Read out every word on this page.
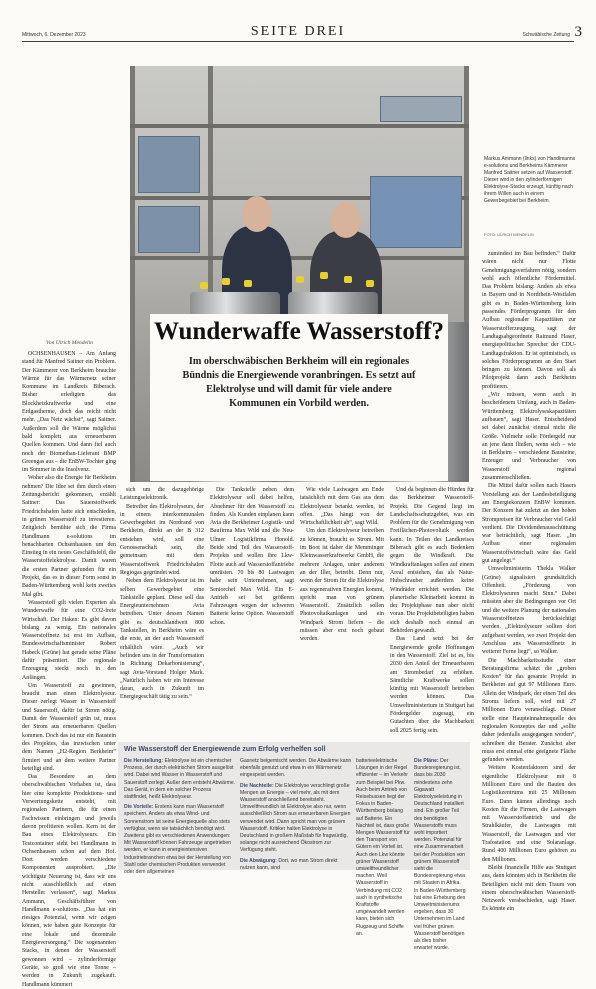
Mittwoch, 6. Dezember 2023	SEITE DREI	Schwäbische Zeitung 3
Markus Ammann (links) von Handlmanns e-solutions und Berkheims Kämmerer Manfred Saitner setzen auf Wasserstoff. Dieser wird in den zylinderförmigen Elektrolyse-Stacks erzeugt, künftig nach ihrem Willen auch in einem Gewerbegebiet bei Berkheim.
FOTO: ULRICH MENDELIN
Wunderwaffe Wasserstoff?
Im oberschwäbischen Berkheim will ein regionales Bündnis die Energiewende voranbringen. Es setzt auf Elektrolyse und will damit für viele andere Kommunen ein Vorbild werden.
Von Ulrich Mendelin

OCHSENHAUSEN – Am Anfang stand für Manfred Saitner ein Problem. Der Kämmerer von Berkheim brauchte Wärme für das Wärmenetz seiner Kommune im Landkreis Biberach. Bisher erledigten das Blockheizkraftwerke und eine Erdgastherme, doch das reicht nicht mehr. „Das Netz wächst“, sagt Saitner. Außerdem soll die Wärme möglichst bald komplett aus erneuerbaren Quellen kommen. Und dann fiel auch noch der Biomethan-Lieferant BMP Greengas aus – die EnBW-Tochter ging im Sommer in die Insolvenz.

Woher also die Energie für Berkheim nehmen? Die Idee sei ihm durch einen Zeitungsbericht gekommen, erzählt Saitner: Das Sauerstoffwerk Friedrichshafen hatte sich entschieden, in grünen Wasserstoff zu investieren. Zeitgleich bemühte sich die Firma Handlmann e-solutions im benachbarten Ochsenhausen um den Einstieg in ein neues Geschäftsfeld, die Wasserstoffelektrolyse. Damit waren die ersten Partner gefunden für ein Projekt, das es in dieser Form sonst in Baden-Württemberg wohl kein zweites Mal gibt.

Wasserstoff gilt vielen Experten als Wunderwaffe für eine CO2-freie Wirtschaft. Der Haken: Es gibt davon bislang zu wenig. Ein nationales Wasserstoffnetz ist erst im Aufbau, Bundeswirtschaftsminister Robert Habeck (Grüne) hat gerade seine Pläne dafür präsentiert. Die regionale Erzeugung steckt noch in den Anfängen.

Um Wasserstoff zu gewinnen, braucht man einen Elektrolyseur. Dieser zerlegt Wasser in Wasserstoff und Sauerstoff, dafür ist Strom nötig. Damit der Wasserstoff grün ist, muss der Strom aus erneuerbaren Quellen kommen. Doch das ist nur ein Baustein des Projektes, das inzwischen unter dem Namen „H2-Region Berkheim“ firmiert und an dem weitere Partner beteiligt sind.

Das Besondere an dem oberschwäbischen Vorhaben ist, dass hier eine komplette Produktions- und Verwertungskette entsteht, mit regionalen Partnern, die für einen Fachwissen einbringen und jeweils davon profitieren wollen. Kern ist der Bau eines Elektrolyseurs. Ein Testcontainer steht bei Handlmann in Ochsenhausen schon auf dem Hof. Dort werden verschiedene Komponenten ausprobiert. „Die wichtigste Neuerung ist, dass wir uns nicht ausschließlich auf einen Hersteller verlassen“, sagt Markus Ammann, Geschäftsführer von Handlmann e-solutions. „Das hat ein riesiges Potenzial, wenn wir zeigen können, wie haben gute Konzepte für eine lokale und dezentrale Energieversorgung.“ Die sogenannten Stacks, in denen der Wasserstoff gewonnen wird – zylinderförmige Geräte, so groß wie eine Tonne – werden in Zukunft zugekauft. Handlmann kümmert

sich um die dazugehörige Leistungselektronik.

Betreiber des Elektrolyseurs, der in einem interkommunalen Gewerbegebiet im Nordrand von Berkheim, direkt an der B 312 entstehen wird, soll eine Genossenschaft sein, die gemeinsam mit dem Wasserstoffwerk Friedrichshafen Regiogas gegründet wird.

Neben dem Elektrolyseur ist im selben Gewerbegebiet eine Tankstelle geplant. Diese soll das Energieunternehmen Avia betreiben. Unter dessen Namen gibt es deutschlandweit 800 Tankstellen, in Berkheim wäre es die erste, an der auch Wasserstoff erhältlich wäre. „Auch wir befinden uns in der Transformation in Richtung Dekarbonisierung“, sagt Avia-Vorstand Holger Mark. „Natürlich haben wir ein Interesse daran, auch in Zukunft im Energiegeschäft tätig zu sein.“

Die Tankstelle neben dem Elektrolyseur soll dabei helfen, Abnehmer für den Wasserstoff zu finden. Als Kunden einplanen kann Avia die Berkheimer Logistik- und Baufirma Max Wild und die Neu-Ulmer Logistikfirma Honold. Beide sind Teil des Wasserstoff-Projekts und wollen ihre Lkw-Flotte auch auf Wasserstoffantriebe umrüsten. 70 bis 80 Lastwagen habe sein Unternehmen, sagt Seniorchef Max Wild. Ein E-Antrieb sei bei größeren Fahrzeugen wegen der schweren Batterie keine Option. Wasserstoff schon.

Wie viele Lastwagen am Ende tatsächlich mit dem Gas aus dem Elektrolyseur betankt werden, ist offen. „Das hängt von der Wirtschaftlichkeit ab“, sagt Wild.

Um den Elektrolyseur betreiben zu können, braucht es Strom. Mit im Boot ist daher die Memminger Kleinwasserkraftwerke GmbH, die mehrere Anlagen, unter anderem an der Iller, betreibt. Denn nur, wenn der Strom für die Elektrolyse aus regenerativen Energien kommt, spricht man von grünem Wasserstoff. Zusätzlich sollen Photovoltaikanlagen und ein Windpark Strom liefern – die müssen aber erst noch gebaut werden.

Und da beginnen die Hürden für das Berkheimer Wasserstoff-Projekt. Die Gegend liegt im Landschaftsschutzgebiet, was ein Problem für die Genehmigung von Freiflächen-Photovoltaik werden kann. In Teilen des Landkreises Biberach gibt es auch Bedenken gegen die Windkraft. Die Windkraftanlagen sollen auf einem Areal entstehen, das als Natur-Hubschrauber außerdem keine Windräder errichtet werden. Die planerische Kleinarbeit kommt in der Projektphase nun aber nicht voran. Die Projektbeteiligten haben sich deshalb noch einmal an Behörden gewandt.

Das Land setzt bei der Energiewende große Hoffnungen in den Wasserstoff. Ziel ist es, bis 2030 den Anteil der Erneuerbaren am Strombedarf zu erhöhen. Sämtliche Kraftwerke sollen künftig mit Wasserstoff betrieben werden können. Das Umweltministerium in Stuttgart hat Fördergelder zugesagt, ein Gutachten über die Machbarkeit soll 2025 fertig sein.

zumindest im Bau befinden.“ Dafür wären nicht nur Flotte Genehmigungsverfahren nötig, sondern wohl auch öffentliche Fördermittel. Das Problem bislang: Anders als etwa in Bayern und in Nordrhein-Westfalen gibt es in Baden-Württemberg kein passendes Förderprogramm für den Aufbau regionaler Kapazitäten zur Wasserstofferzeugung, sagt der Landtagsabgeordnete Raimund Haser, energiepolitischer Sprecher der CDU-Landtagsfraktion. Er ist optimistisch, es solches Förderprogramm an den Start bringen zu können. Davon soll als Pilotprojekt dann auch Berkheim profitieren.

„Wir müssen, wenn auch in bescheidenem Umfang, auch in Baden-Württemberg Elektrolyseskapazitäten aufbauen“, sagt Haser. Entscheidend sei dabei zunächst einmal nicht die Größe. Vielmehr solle Fördergeld nur an jene dann fließen, wenn sich – wie in Berkheim – verschiedene Bausteine, Erzeuger und Verbraucher von Wasserstoff regional zusammenschließen.

Die Mittel dafür sollen nach Hasers Vorstellung aus der Landesbeteiligung am Energiekonzern EnBW kommen. Der Konzern hat zuletzt an den hohen Strompreisen für Verbraucher viel Geld verdient. Die Dividendenausschüttung war beträchtlich, sagt Haser. „Im Aufbau einer regionalen Wasserstoffwirtschaft wäre das Geld gut angelegt.“

Umweltministerin Thekla Walker (Grüne) signalisiert grundsätzlich Offenheit. „Förderung von Elektrolyseuren macht Sinn.“ Dabei müssten aber die Bedingungen vor Ort und die weitere Planung der nationalen Wasserstoffnetzes berücksichtigt werden. „Elektrolyseure sollten dort aufgebaut werden, wo zwei Projekt den Anschluss ans Wasserstoffnetz in weiterer Ferne liegt“, so Walker.

Die Machbarkeitsstudie einer Beratungsfirma schätzt die „groben Kosten“ für das gesamte Projekt in Berkheim auf gut 97 Millionen Euro. Allein der Windpark, der einen Teil des Stroms liefern soll, wird mit 27 Millionen Euro veranschlagt. Dieser stelle eine Haupteinnahmequelle des regionalen Konzeptes dar und „sollte daher jedenfalls ausgegangen werden“, schreiben die Berater. Zunächst aber muss erst einmal eine geeignete Fläche gefunden werden.

Weitere Kostenfaktoren sind der eigentliche Elektrolyseur mit 8 Millionen Euro und die Bauten des Logistikzentrums mit 25 Millionen Euro. Dann kämen allerdings noch Kosten für die Firmen, die Lastwagen mit Wasserstoffantrieb und die Strahlkäufer, die Lastwagen mit Wasserstoff, die Lastwagen und vier Trafostation und eine Solaranlage. Rund 400 Millionen Euro gehören zu den Millionen.

Bleibt finanzielle Hilfe aus Stuttgart aus, dann könnten sich in Berkheim die Beteiligten nicht mit dem Traum von einem oberschwäbischen Wasserstoff-Netzwerk verabschieden, sagt Haser. Es könnte ein

Wie Wasserstoff der Energiewende zum Erfolg verhelfen soll

Die Herstellung: Elektrolyse ist ein chemischer Prozess, der durch elektrischen Strom ausgelöst wird. Dabei wird Wasser in Wasserstoff und Sauerstoff zerlegt. Außer dem entsteht Abwärme. Das Gerät, in dem ein solcher Prozess stattfindet, heißt Elektrolyseur.

Die Vorteile: Erstens kann man Wasserstoff speichern. Anders als etwa Wind- und Sonnenstrom ist seine Energiequelle also stets verfügbar, wenn sie tatsächlich benötigt wird. Zweitens gibt es verschiedenen Anwendungen: Mit Wasserstoff können Fahrzeuge angetrieben werden, er kann in energieintensiven Industriebranchen etwa bei der Herstellung von Stahl oder chemischen Produkten verwendet oder dem allgemeinen

Gasnetz beigemischt werden. Die Abwärme kann ebenfalls genutzt und etwa in ein Wärmenetz eingespeist werden.

Die Nachteile: Die Elektrolyse verschlingt große Mengen an Energie – viel mehr, als mit dem Wasserstoff anschließend bereitsteht. Umweltfreundlich ist Elektrolyse also nur, wenn ausschließlich Strom aus erneuerbaren Energien verwendet wird. Dann spricht man von grünem Wasserstoff. Kritiker halten Elektrolyse in Deutschland in großem Maßstab für fragwürdig, solange nicht ausreichend Ökostrom zur Verfügung steht.

Die Abwägung: Dort, wo man Strom direkt nutzen kann, sind

batterieelektrische Lösungen in der Regel effizienter – im Verkehr zum Beispiel bei Pkw. Auch beim Antrieb von Reisebussen liegt der Fokus in Baden-Württemberg bislang auf Batterie. Ein Nachteil ist, dass große Mengen Wasserstoff für den Transport von Gütern ein Vorteil ist. Auch den Lkw könnte grüner Wasserstoff umweltfreundlicher machen. Weil Wasserstoff in Verbindung mit CO2 auch in synthetische Kraftstoffe umgewandelt werden kann, bieten sich Flugzeug und Schiffe an.

Die Pläne: Der Bundesregierung ist, dass bis 2030 mindestens zehn Gigawatt Elektrolyseleistung in Deutschland installiert sind. Ein großer Teil des benötigten Wasserstoffs muss wohl importiert werden. Potenzial für eine Zusammenarbeit bei der Produktion von grünem Wasserstoff sieht die Bundesregierung etwa mit Staaten in Afrika. In Baden-Württemberg hat eine Erhebung des Umweltministeriums ergeben, dass 30 Unternehmen im Land viel früher grünen Wasserstoff benötigen als dies bisher erwartet wurde.
